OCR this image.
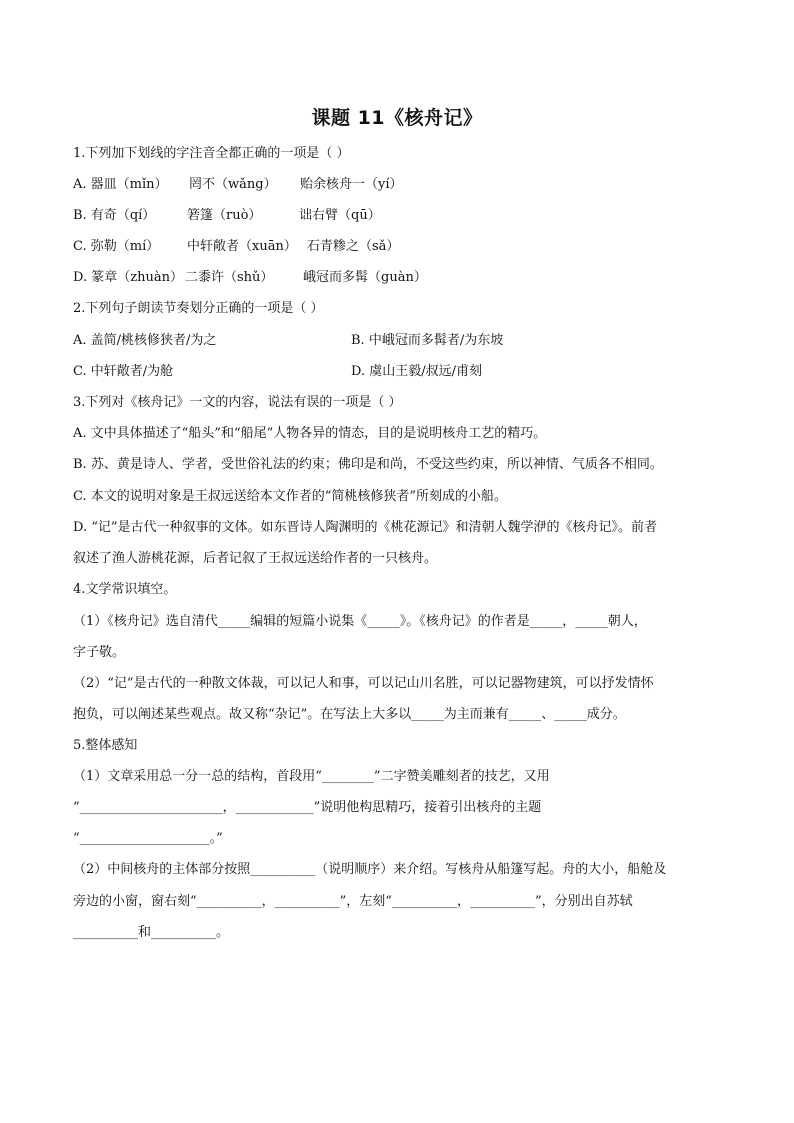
课题 11《核舟记》
1.下列加下划线的字注音全都正确的一项是（ ）
A. 器皿（mǐn） 罔不（wǎng） 贻余核舟一（yí）
B. 有奇（qí） 箬篷（ruò）	诎右臂（qū）
C. 弥勒（mí） 中轩敞者（xuān） 石青糁之（sǎ）
D. 篆章（zhuàn） 二黍许（shǔ） 峨冠而多髯（guàn）
2.下列句子朗读节奏划分正确的一项是（ ）
A. 盖简/桃核修狭者/为之	B. 中峨冠而多髯者/为东坡
C. 中轩敞者/为舱	D. 虞山王毅/叔远/甫刻
3.下列对《核舟记》一文的内容，说法有误的一项是（ ）
A. 文中具体描述了“船头”和“船尾”人物各异的情态，目的是说明核舟工艺的精巧。
B. 苏、黄是诗人、学者，受世俗礼法的约束；佛印是和尚，不受这些约束，所以神情、气质各不相同。
C. 本文的说明对象是王叔远送给本文作者的“简桃核修狭者”所刻成的小船。
D. “记”是古代一种叙事的文体。如东晋诗人陶渊明的《桃花源记》和清朝人魏学洢的《核舟记》。前者
叙述了渔人游桃花源，后者记叙了王叔远送给作者的一只核舟。
4.文学常识填空。
（1）《核舟记》选自清代_____编辑的短篇小说集《_____》。《核舟记》的作者是_____，_____朝人，
字子敬。
（2）“记”是古代的一种散文体裁，可以记人和事，可以记山川名胜，可以记器物建筑，可以抒发情怀
抱负，可以阐述某些观点。故又称“杂记”。在写法上大多以_____为主而兼有_____、_____成分。
5.整体感知
（1）文章采用总一分一总的结构，首段用“________”二字赞美雕刻者的技艺，又用
“______________________，____________”说明他构思精巧，接着引出核舟的主题
“____________________。”
（2）中间核舟的主体部分按照__________（说明顺序）来介绍。写核舟从船篷写起。舟的大小，船舱及
旁边的小窗，窗右刻“__________，__________”，左刻“__________，__________”，分别出自苏轼
__________和__________。
